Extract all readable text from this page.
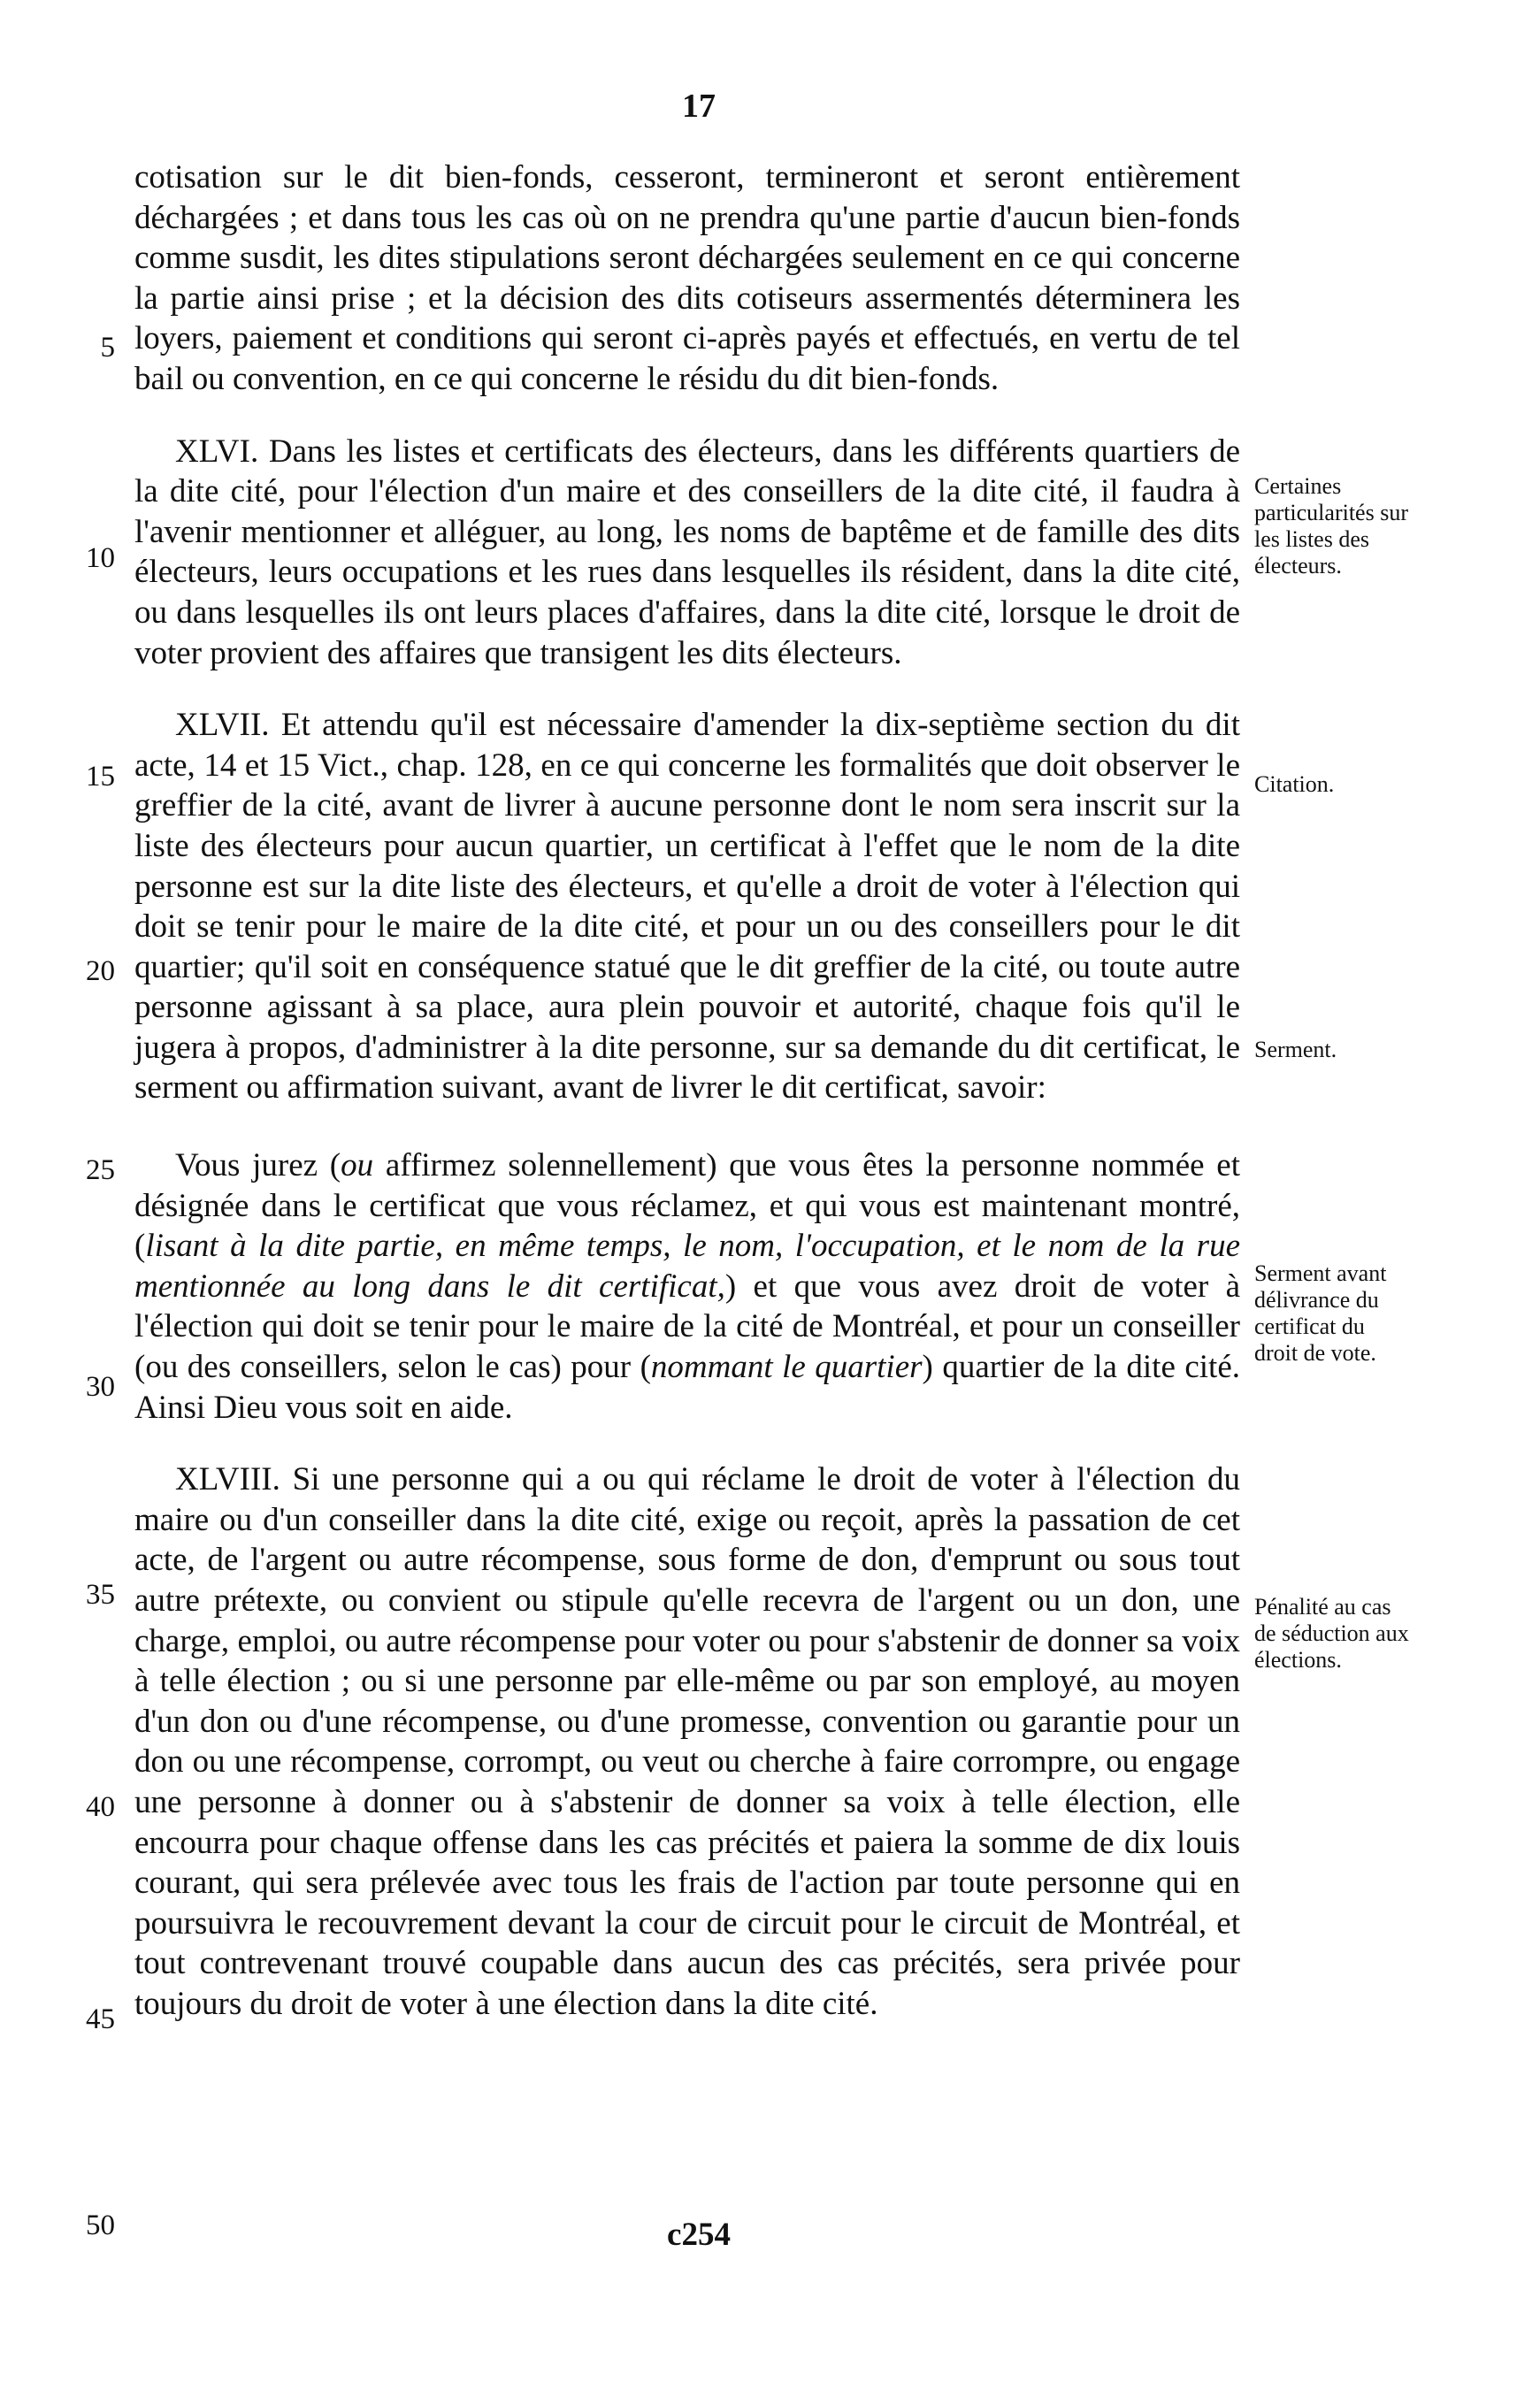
17

cotisation sur le dit bien-fonds, cesseront, termineront et seront entièrement déchargées ; et dans tous les cas où on ne prendra qu'une partie d'aucun bien-fonds comme susdit, les dites stipulations seront déchargées seulement en ce qui concerne la partie ainsi prise ; et la décision des dits cotiseurs assermentés déterminera les loyers, paiement et conditions qui seront ci-après payés et effectués, en vertu de tel bail ou convention, en ce qui concerne le résidu du dit bien-fonds.

XLVI. Dans les listes et certificats des électeurs, dans les différents quartiers de la dite cité, pour l'élection d'un maire et des conseillers de la dite cité, il faudra à l'avenir mentionner et alléguer, au long, les noms de baptême et de famille des dits électeurs, leurs occupations et les rues dans lesquelles ils résident, dans la dite cité, ou dans lesquelles ils ont leurs places d'affaires, dans la dite cité, lorsque le droit de voter provient des affaires que transigent les dits électeurs.

XLVII. Et attendu qu'il est nécessaire d'amender la dix-septième section du dit acte, 14 et 15 Vict., chap. 128, en ce qui concerne les formalités que doit observer le greffier de la cité, avant de livrer à aucune personne dont le nom sera inscrit sur la liste des électeurs pour aucun quartier, un certificat à l'effet que le nom de la dite personne est sur la dite liste des électeurs, et qu'elle a droit de voter à l'élection qui doit se tenir pour le maire de la dite cité, et pour un ou des conseillers pour le dit quartier; qu'il soit en conséquence statué que le dit greffier de la cité, ou toute autre personne agissant à sa place, aura plein pouvoir et autorité, chaque fois qu'il le jugera à propos, d'administrer à la dite personne, sur sa demande du dit certificat, le serment ou affirmation suivant, avant de livrer le dit certificat, savoir:

Vous jurez (ou affirmez solennellement) que vous êtes la personne nommée et désignée dans le certificat que vous réclamez, et qui vous est maintenant montré, (lisant à la dite partie, en même temps, le nom, l'occupation, et le nom de la rue mentionnée au long dans le dit certificat,) et que vous avez droit de voter à l'élection qui doit se tenir pour le maire de la cité de Montréal, et pour un conseiller (ou des conseillers, selon le cas) pour (nommant le quartier) quartier de la dite cité. Ainsi Dieu vous soit en aide.

XLVIII. Si une personne qui a ou qui réclame le droit de voter à l'élection du maire ou d'un conseiller dans la dite cité, exige ou reçoit, après la passation de cet acte, de l'argent ou autre récompense, sous forme de don, d'emprunt ou sous tout autre prétexte, ou convient ou stipule qu'elle recevra de l'argent ou un don, une charge, emploi, ou autre récompense pour voter ou pour s'abstenir de donner sa voix à telle élection ; ou si une personne par elle-même ou par son employé, au moyen d'un don ou d'une récompense, ou d'une promesse, convention ou garantie pour un don ou une récompense, corrompt, ou veut ou cherche à faire corrompre, ou engage une personne à donner ou à s'abstenir de donner sa voix à telle élection, elle encourra pour chaque offense dans les cas précités et paiera la somme de dix louis courant, qui sera prélevée avec tous les frais de l'action par toute personne qui en poursuivra le recouvrement devant la cour de circuit pour le circuit de Montréal, et tout contrevenant trouvé coupable dans aucun des cas précités, sera privée pour toujours du droit de voter à une élection dans la dite cité.

5
10
15
20
25
30
35
40
45
50
Certaines particularités sur les listes des électeurs.
Citation.
Serment.
Serment avant délivrance du certificat du droit de vote.
Pénalité au cas de séduction aux élections.
c254
